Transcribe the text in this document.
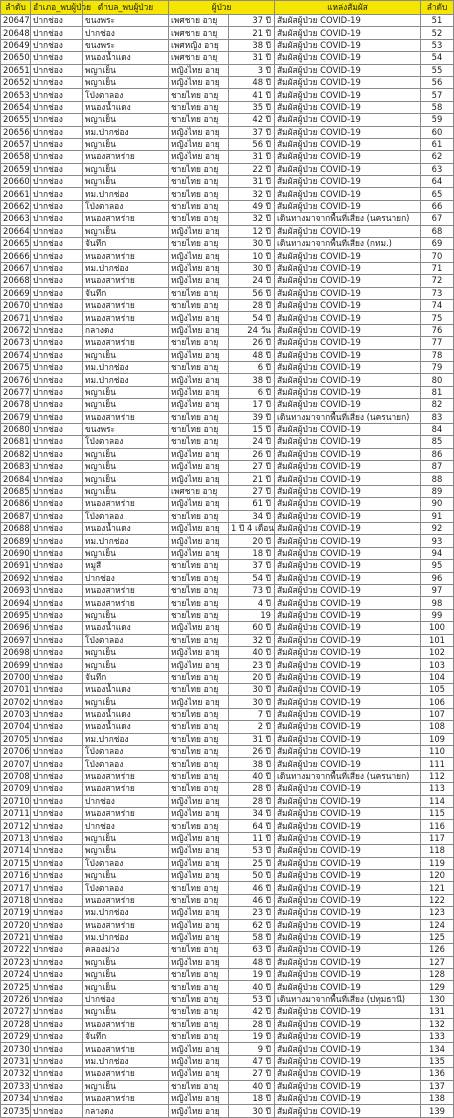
ลำดับ	อำเภอ_พบผู้ป่วย	ตำบล_พบผู้ป่วย	ผู้ป่วย		แหล่งสัมผัส	ลำดับ
20647	ปากช่อง	ขนงพระ	เพศชาย อายุ	37 ปี	สัมผัสผู้ป่วย COVID-19	51
20648	ปากช่อง	ปากช่อง	เพศชาย อายุ	21 ปี	สัมผัสผู้ป่วย COVID-19	52
20649	ปากช่อง	ขนงพระ	เพศหญิง อายุ	38 ปี	สัมผัสผู้ป่วย COVID-19	53
20650	ปากช่อง	หนองน้ำแดง	เพศชาย อายุ	31 ปี	สัมผัสผู้ป่วย COVID-19	54
20651	ปากช่อง	พญาเย็น	หญิงไทย อายุ	3 ปี	สัมผัสผู้ป่วย COVID-19	55
20652	ปากช่อง	พญาเย็น	หญิงไทย อายุ	48 ปี	สัมผัสผู้ป่วย COVID-19	56
20653	ปากช่อง	โป่งตาลอง	ชายไทย อายุ	41 ปี	สัมผัสผู้ป่วย COVID-19	57
20654	ปากช่อง	หนองน้ำแดง	ชายไทย อายุ	35 ปี	สัมผัสผู้ป่วย COVID-19	58
20655	ปากช่อง	พญาเย็น	ชายไทย อายุ	42 ปี	สัมผัสผู้ป่วย COVID-19	59
20656	ปากช่อง	ทม.ปากช่อง	หญิงไทย อายุ	37 ปี	สัมผัสผู้ป่วย COVID-19	60
20657	ปากช่อง	พญาเย็น	หญิงไทย อายุ	56 ปี	สัมผัสผู้ป่วย COVID-19	61
20658	ปากช่อง	หนองสาหร่าย	หญิงไทย อายุ	31 ปี	สัมผัสผู้ป่วย COVID-19	62
20659	ปากช่อง	พญาเย็น	ชายไทย อายุ	22 ปี	สัมผัสผู้ป่วย COVID-19	63
20660	ปากช่อง	พญาเย็น	ชายไทย อายุ	31 ปี	สัมผัสผู้ป่วย COVID-19	64
20661	ปากช่อง	ทม.ปากช่อง	ชายไทย อายุ	32 ปี	สัมผัสผู้ป่วย COVID-19	65
20662	ปากช่อง	โป่งตาลอง	ชายไทย อายุ	49 ปี	สัมผัสผู้ป่วย COVID-19	66
20663	ปากช่อง	หนองสาหร่าย	ชายไทย อายุ	32 ปี	เดินทางมาจากพื้นที่เสี่ยง (นครนายก)	67
20664	ปากช่อง	พญาเย็น	หญิงไทย อายุ	12 ปี	สัมผัสผู้ป่วย COVID-19	68
20665	ปากช่อง	จันทึก	ชายไทย อายุ	30 ปี	เดินทางมาจากพื้นที่เสี่ยง (กทม.)	69
20666	ปากช่อง	หนองสาหร่าย	หญิงไทย อายุ	10 ปี	สัมผัสผู้ป่วย COVID-19	70
20667	ปากช่อง	ทม.ปากช่อง	หญิงไทย อายุ	30 ปี	สัมผัสผู้ป่วย COVID-19	71
20668	ปากช่อง	หนองสาหร่าย	หญิงไทย อายุ	24 ปี	สัมผัสผู้ป่วย COVID-19	72
20669	ปากช่อง	จันทึก	ชายไทย อายุ	56 ปี	สัมผัสผู้ป่วย COVID-19	73
20670	ปากช่อง	หนองสาหร่าย	ชายไทย อายุ	28 ปี	สัมผัสผู้ป่วย COVID-19	74
20671	ปากช่อง	หนองสาหร่าย	หญิงไทย อายุ	54 ปี	สัมผัสผู้ป่วย COVID-19	75
20672	ปากช่อง	กลางดง	หญิงไทย อายุ	24 วัน	สัมผัสผู้ป่วย COVID-19	76
20673	ปากช่อง	หนองสาหร่าย	ชายไทย อายุ	26 ปี	สัมผัสผู้ป่วย COVID-19	77
20674	ปากช่อง	พญาเย็น	หญิงไทย อายุ	48 ปี	สัมผัสผู้ป่วย COVID-19	78
20675	ปากช่อง	ทม.ปากช่อง	ชายไทย อายุ	6 ปี	สัมผัสผู้ป่วย COVID-19	79
20676	ปากช่อง	ทม.ปากช่อง	หญิงไทย อายุ	38 ปี	สัมผัสผู้ป่วย COVID-19	80
20677	ปากช่อง	พญาเย็น	หญิงไทย อายุ	6 ปี	สัมผัสผู้ป่วย COVID-19	81
20678	ปากช่อง	พญาเย็น	หญิงไทย อายุ	17 ปี	สัมผัสผู้ป่วย COVID-19	82
20679	ปากช่อง	หนองสาหร่าย	ชายไทย อายุ	39 ปี	เดินทางมาจากพื้นที่เสี่ยง (นครนายก)	83
20680	ปากช่อง	ขนงพระ	ชายไทย อายุ	15 ปี	สัมผัสผู้ป่วย COVID-19	84
20681	ปากช่อง	โป่งตาลอง	ชายไทย อายุ	24 ปี	สัมผัสผู้ป่วย COVID-19	85
20682	ปากช่อง	พญาเย็น	หญิงไทย อายุ	26 ปี	สัมผัสผู้ป่วย COVID-19	86
20683	ปากช่อง	พญาเย็น	หญิงไทย อายุ	27 ปี	สัมผัสผู้ป่วย COVID-19	87
20684	ปากช่อง	พญาเย็น	หญิงไทย อายุ	21 ปี	สัมผัสผู้ป่วย COVID-19	88
20685	ปากช่อง	พญาเย็น	เพศชาย อายุ	27 ปี	สัมผัสผู้ป่วย COVID-19	89
20686	ปากช่อง	หนองสาหร่าย	หญิงไทย อายุ	61 ปี	สัมผัสผู้ป่วย COVID-19	90
20687	ปากช่อง	โป่งตาลอง	ชายไทย อายุ	34 ปี	สัมผัสผู้ป่วย COVID-19	91
20688	ปากช่อง	หนองน้ำแดง	หญิงไทย อายุ	1 ปี 4 เดือน	สัมผัสผู้ป่วย COVID-19	92
20689	ปากช่อง	ทม.ปากช่อง	หญิงไทย อายุ	20 ปี	สัมผัสผู้ป่วย COVID-19	93
20690	ปากช่อง	พญาเย็น	หญิงไทย อายุ	18 ปี	สัมผัสผู้ป่วย COVID-19	94
20691	ปากช่อง	หมูสี	ชายไทย อายุ	37 ปี	สัมผัสผู้ป่วย COVID-19	95
20692	ปากช่อง	ปากช่อง	ชายไทย อายุ	54 ปี	สัมผัสผู้ป่วย COVID-19	96
20693	ปากช่อง	หนองสาหร่าย	ชายไทย อายุ	73 ปี	สัมผัสผู้ป่วย COVID-19	97
20694	ปากช่อง	หนองสาหร่าย	ชายไทย อายุ	4 ปี	สัมผัสผู้ป่วย COVID-19	98
20695	ปากช่อง	พญาเย็น	ชายไทย อายุ	19	สัมผัสผู้ป่วย COVID-19	99
20696	ปากช่อง	หนองน้ำแดง	หญิงไทย อายุ	60 ปี	สัมผัสผู้ป่วย COVID-19	100
20697	ปากช่อง	โป่งตาลอง	ชายไทย อายุ	32 ปี	สัมผัสผู้ป่วย COVID-19	101
20698	ปากช่อง	พญาเย็น	หญิงไทย อายุ	40 ปี	สัมผัสผู้ป่วย COVID-19	102
20699	ปากช่อง	พญาเย็น	หญิงไทย อายุ	23 ปี	สัมผัสผู้ป่วย COVID-19	103
20700	ปากช่อง	จันทึก	ชายไทย อายุ	20 ปี	สัมผัสผู้ป่วย COVID-19	104
20701	ปากช่อง	หนองน้ำแดง	ชายไทย อายุ	30 ปี	สัมผัสผู้ป่วย COVID-19	105
20702	ปากช่อง	พญาเย็น	หญิงไทย อายุ	30 ปี	สัมผัสผู้ป่วย COVID-19	106
20703	ปากช่อง	หนองน้ำแดง	ชายไทย อายุ	7 ปี	สัมผัสผู้ป่วย COVID-19	107
20704	ปากช่อง	หนองน้ำแดง	ชายไทย อายุ	2 ปี	สัมผัสผู้ป่วย COVID-19	108
20705	ปากช่อง	ทม.ปากช่อง	ชายไทย อายุ	31 ปี	สัมผัสผู้ป่วย COVID-19	109
20706	ปากช่อง	โป่งตาลอง	ชายไทย อายุ	26 ปี	สัมผัสผู้ป่วย COVID-19	110
20707	ปากช่อง	โป่งตาลอง	ชายไทย อายุ	38 ปี	สัมผัสผู้ป่วย COVID-19	111
20708	ปากช่อง	หนองสาหร่าย	ชายไทย อายุ	40 ปี	เดินทางมาจากพื้นที่เสี่ยง (นครนายก)	112
20709	ปากช่อง	หนองสาหร่าย	ชายไทย อายุ	28 ปี	สัมผัสผู้ป่วย COVID-19	113
20710	ปากช่อง	ปากช่อง	หญิงไทย อายุ	28 ปี	สัมผัสผู้ป่วย COVID-19	114
20711	ปากช่อง	หนองสาหร่าย	หญิงไทย อายุ	34 ปี	สัมผัสผู้ป่วย COVID-19	115
20712	ปากช่อง	ปากช่อง	ชายไทย อายุ	64 ปี	สัมผัสผู้ป่วย COVID-19	116
20713	ปากช่อง	พญาเย็น	หญิงไทย อายุ	11 ปี	สัมผัสผู้ป่วย COVID-19	117
20714	ปากช่อง	พญาเย็น	หญิงไทย อายุ	53 ปี	สัมผัสผู้ป่วย COVID-19	118
20715	ปากช่อง	โป่งตาลอง	หญิงไทย อายุ	25 ปี	สัมผัสผู้ป่วย COVID-19	119
20716	ปากช่อง	พญาเย็น	หญิงไทย อายุ	50 ปี	สัมผัสผู้ป่วย COVID-19	120
20717	ปากช่อง	โป่งตาลอง	ชายไทย อายุ	46 ปี	สัมผัสผู้ป่วย COVID-19	121
20718	ปากช่อง	หนองสาหร่าย	ชายไทย อายุ	46 ปี	สัมผัสผู้ป่วย COVID-19	122
20719	ปากช่อง	ทม.ปากช่อง	หญิงไทย อายุ	23 ปี	สัมผัสผู้ป่วย COVID-19	123
20720	ปากช่อง	หนองสาหร่าย	หญิงไทย อายุ	62 ปี	สัมผัสผู้ป่วย COVID-19	124
20721	ปากช่อง	ทม.ปากช่อง	หญิงไทย อายุ	58 ปี	สัมผัสผู้ป่วย COVID-19	125
20722	ปากช่อง	คลองม่วง	ชายไทย อายุ	63 ปี	สัมผัสผู้ป่วย COVID-19	126
20723	ปากช่อง	พญาเย็น	หญิงไทย อายุ	48 ปี	สัมผัสผู้ป่วย COVID-19	127
20724	ปากช่อง	พญาเย็น	ชายไทย อายุ	19 ปี	สัมผัสผู้ป่วย COVID-19	128
20725	ปากช่อง	พญาเย็น	ชายไทย อายุ	40 ปี	สัมผัสผู้ป่วย COVID-19	129
20726	ปากช่อง	ปากช่อง	ชายไทย อายุ	53 ปี	เดินทางมาจากพื้นที่เสี่ยง (ปทุมธานี)	130
20727	ปากช่อง	พญาเย็น	ชายไทย อายุ	42 ปี	สัมผัสผู้ป่วย COVID-19	131
20728	ปากช่อง	หนองสาหร่าย	ชายไทย อายุ	28 ปี	สัมผัสผู้ป่วย COVID-19	132
20729	ปากช่อง	จันทึก	ชายไทย อายุ	19 ปี	สัมผัสผู้ป่วย COVID-19	133
20730	ปากช่อง	หนองสาหร่าย	หญิงไทย อายุ	9 ปี	สัมผัสผู้ป่วย COVID-19	134
20731	ปากช่อง	ทม.ปากช่อง	หญิงไทย อายุ	47 ปี	สัมผัสผู้ป่วย COVID-19	135
20732	ปากช่อง	หนองสาหร่าย	หญิงไทย อายุ	27 ปี	สัมผัสผู้ป่วย COVID-19	136
20733	ปากช่อง	พญาเย็น	ชายไทย อายุ	40 ปี	สัมผัสผู้ป่วย COVID-19	137
20734	ปากช่อง	หนองสาหร่าย	หญิงไทย อายุ	18 ปี	สัมผัสผู้ป่วย COVID-19	138
20735	ปากช่อง	กลางดง	หญิงไทย อายุ	30 ปี	สัมผัสผู้ป่วย COVID-19	139
